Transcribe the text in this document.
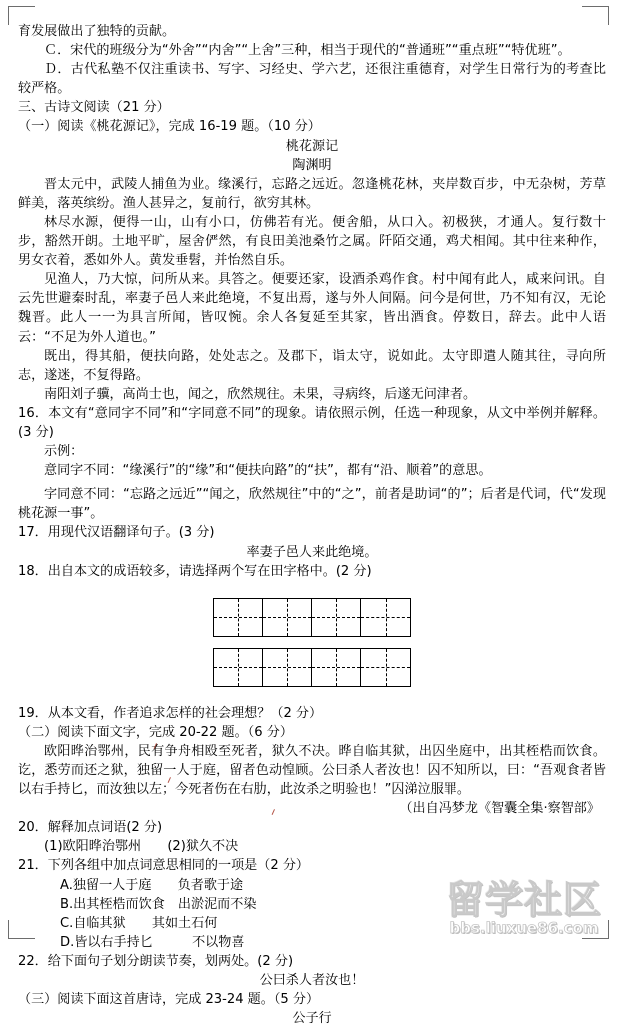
育发展做出了独特的贡献。

Ｃ．宋代的班级分为“外舍”“内舍”“上舍”三种，相当于现代的“普通班”“重点班”“特优班”。

Ｄ．古代私塾不仅注重读书、写字、习经史、学六艺，还很注重德育，对学生日常行为的考查比较严格。

三、古诗文阅读（21 分）

（一）阅读《桃花源记》，完成 16-19 题。（10 分）

桃花源记

陶渊明

晋太元中，武陵人捕鱼为业。缘溪行，忘路之远近。忽逢桃花林，夹岸数百步，中无杂树，芳草鲜美，落英缤纷。渔人甚异之，复前行，欲穷其林。

林尽水源，便得一山，山有小口，仿佛若有光。便舍船，从口入。初极狭，才通人。复行数十步，豁然开朗。土地平旷，屋舍俨然，有良田美池桑竹之属。阡陌交通，鸡犬相闻。其中往来种作，男女衣着，悉如外人。黄发垂髫，并怡然自乐。

见渔人，乃大惊，问所从来。具答之。便要还家，设酒杀鸡作食。村中闻有此人，咸来问讯。自云先世避秦时乱，率妻子邑人来此绝境，不复出焉，遂与外人间隔。问今是何世，乃不知有汉，无论魏晋。此人一一为具言所闻，皆叹惋。余人各复延至其家，皆出酒食。停数日，辞去。此中人语云：“不足为外人道也。”

既出，得其船，便扶向路，处处志之。及郡下，诣太守，说如此。太守即遣人随其往，寻向所志，遂迷，不复得路。

南阳刘子骥，高尚士也，闻之，欣然规往。未果，寻病终，后遂无问津者。

16．本文有“意同字不同”和“字同意不同”的现象。请依照示例，任选一种现象，从文中举例并解释。(3 分)

示例：

意同字不同：“缘溪行”的“缘”和“便扶向路”的“扶”，都有“沿、顺着”的意思。

字同意不同：“忘路之远近”“闻之，欣然规往”中的“之”，前者是助词“的”；后者是代词，代“发现桃花源一事”。

17．用现代汉语翻译句子。(3 分)

率妻子邑人来此绝境。

18．出自本文的成语较多，请选择两个写在田字格中。(2 分)

19．从本文看，作者追求怎样的社会理想？（2 分）

（二）阅读下面文字，完成 20-22 题。（6 分）

欧阳晔治鄂州，民有争舟相殴至死者，狱久不决。晔自临其狱，出囚坐庭中，出其桎梏而饮食。讫，悉劳而还之狱，独留一人于庭，留者色动惶顾。公曰杀人者汝也！囚不知所以，曰：“吾观食者皆以右手持匕，而汝独以左；今死者伤在右肋，此汝杀之明验也！”囚涕泣服罪。

（出自冯梦龙《智囊全集·察智部》

20．解释加点词语(2 分)

(1)欧阳晔治鄂州　　 (2)狱久不决

21．下列各组中加点词意思相同的一项是（2 分）

A.独留一人于庭　　 负者歌于途

B.出其桎梏而饮食　 出淤泥而不染

C.自临其狱　　 其如土石何

D.皆以右手持匕　　　	不以物喜

22．给下面句子划分朗读节奏，划两处。(2 分)

公曰杀人者汝也！

（三）阅读下面这首唐诗，完成 23-24 题。（5 分）

公子行

留学社区
bbs.liuxue86.com
